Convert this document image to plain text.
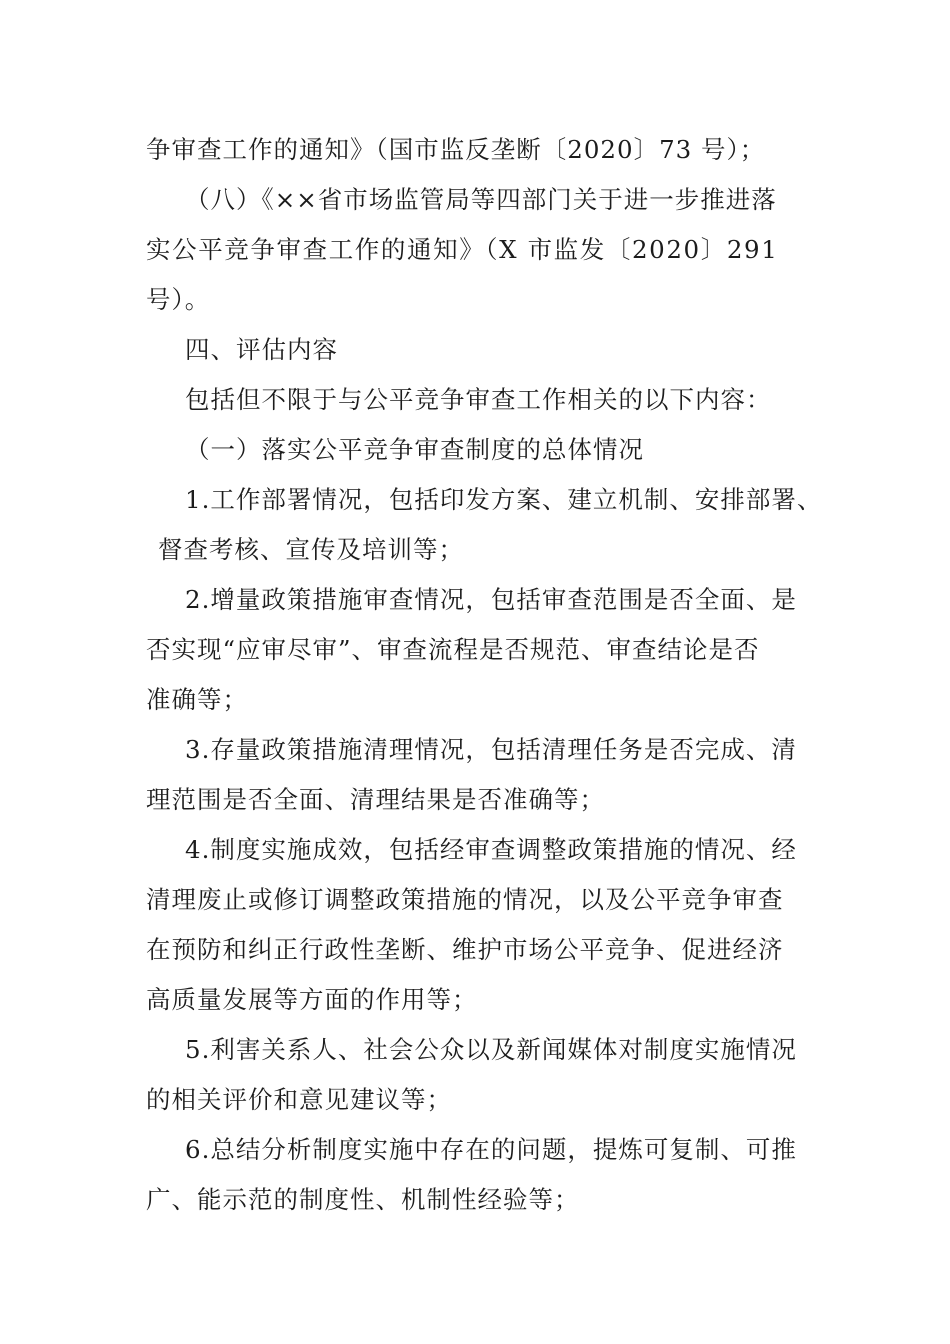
争审查工作的通知》（国市监反垄断〔2020〕73 号）；

（八）《××省市场监管局等四部门关于进一步推进落

实公平竞争审查工作的通知》（X 市监发〔2020〕291

号）。

四、评估内容

包括但不限于与公平竞争审查工作相关的以下内容：

（一）落实公平竞争审查制度的总体情况

1.工作部署情况，包括印发方案、建立机制、安排部署、

督查考核、宣传及培训等；

2.增量政策措施审查情况，包括审查范围是否全面、是

否实现“应审尽审”、审查流程是否规范、审查结论是否

准确等；

3.存量政策措施清理情况，包括清理任务是否完成、清

理范围是否全面、清理结果是否准确等；

4.制度实施成效，包括经审查调整政策措施的情况、经

清理废止或修订调整政策措施的情况，以及公平竞争审查

在预防和纠正行政性垄断、维护市场公平竞争、促进经济

高质量发展等方面的作用等；

5.利害关系人、社会公众以及新闻媒体对制度实施情况

的相关评价和意见建议等；

6.总结分析制度实施中存在的问题，提炼可复制、可推

广、能示范的制度性、机制性经验等；
